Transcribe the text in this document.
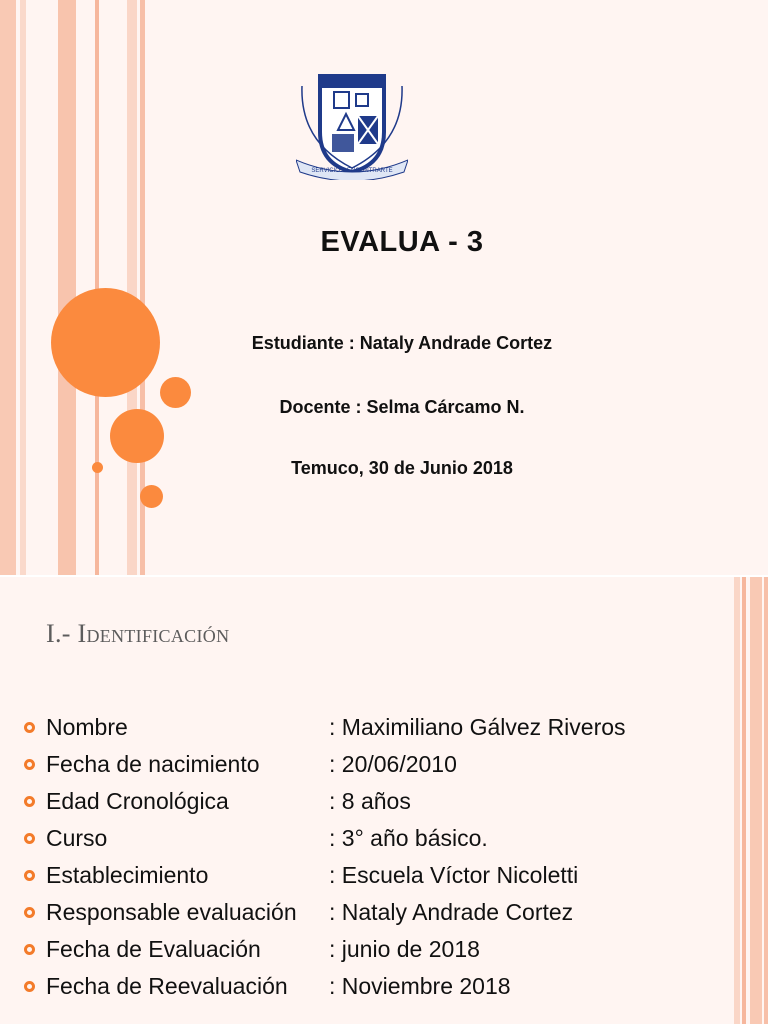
SERVICIO Y ENCONTRARTE
EVALUA - 3
Estudiante : Nataly Andrade Cortez
Docente : Selma Cárcamo N.
Temuco, 30 de Junio 2018
I.- Identificación
Nombre	: Maximiliano Gálvez Riveros
Fecha de nacimiento	: 20/06/2010
Edad Cronológica	: 8 años
Curso	: 3° año básico.
Establecimiento	: Escuela Víctor Nicoletti
Responsable evaluación : Nataly Andrade Cortez
Fecha de Evaluación	: junio de 2018
Fecha de Reevaluación : Noviembre 2018
